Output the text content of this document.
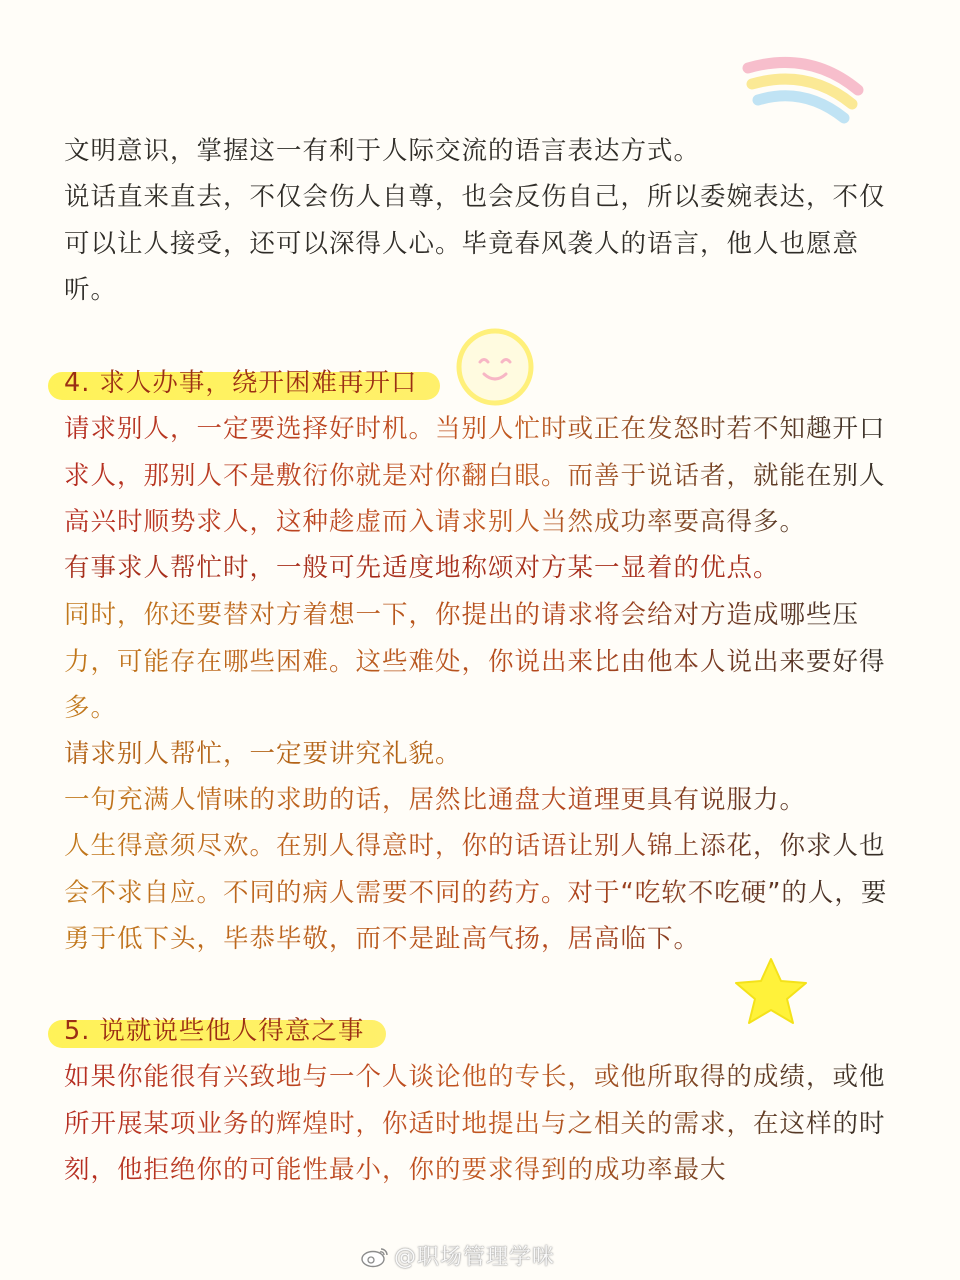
文明意识，掌握这一有利于人际交流的语言表达方式。

说话直来直去，不仅会伤人自尊，也会反伤自己，所以委婉表达，不仅可以让人接受，还可以深得人心。毕竟春风袭人的语言，他人也愿意听。

4. 求人办事，绕开困难再开口

请求别人，一定要选择好时机。当别人忙时或正在发怒时若不知趣开口求人，那别人不是敷衍你就是对你翻白眼。而善于说话者，就能在别人高兴时顺势求人，这种趁虚而入请求别人当然成功率要高得多。

有事求人帮忙时，一般可先适度地称颂对方某一显着的优点。

同时，你还要替对方着想一下，你提出的请求将会给对方造成哪些压力，可能存在哪些困难。这些难处，你说出来比由他本人说出来要好得多。

请求别人帮忙，一定要讲究礼貌。

一句充满人情味的求助的话，居然比通盘大道理更具有说服力。

人生得意须尽欢。在别人得意时，你的话语让别人锦上添花，你求人也会不求自应。不同的病人需要不同的药方。对于“吃软不吃硬”的人，要勇于低下头，毕恭毕敬，而不是趾高气扬，居高临下。

5. 说就说些他人得意之事

如果你能很有兴致地与一个人谈论他的专长，或他所取得的成绩，或他所开展某项业务的辉煌时，你适时地提出与之相关的需求，在这样的时刻，他拒绝你的可能性最小，你的要求得到的成功率最大

@职场管理学咪
